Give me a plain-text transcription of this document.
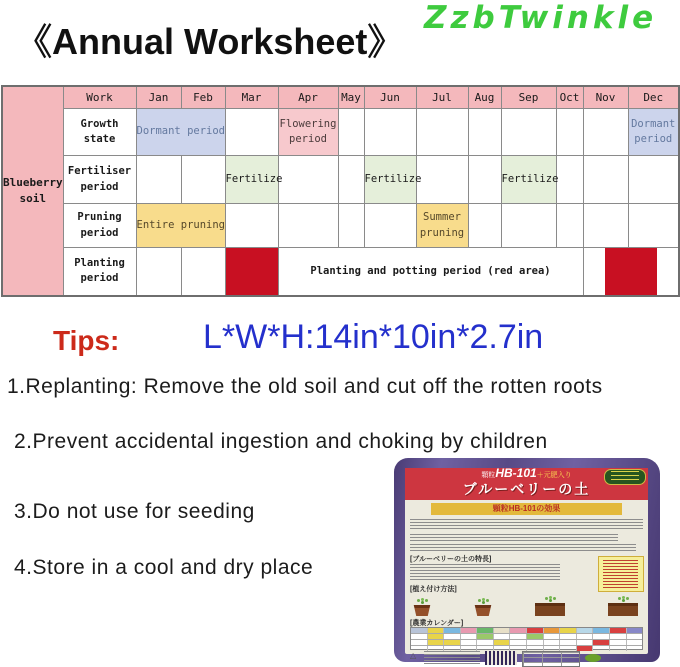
《Annual Worksheet》
ZzbTwinkle
Blueberry soil	Work	Jan	Feb	Mar	Apr	May	Jun	Jul	Aug	Sep	Oct	Nov	Dec
	Growth state	Dormant period			Flowering period								Dormant period
	Fertiliser period			Fertilize			Fertilize			Fertilize			
	Pruning period	Entire pruning						Summer pruning					
	Planting period				Planting and potting period (red area)								
Tips: L*W*H:14in*10in*2.7in
1.Replanting: Remove the old soil and cut off the rotten roots
2.Prevent accidental ingestion and choking by children
3.Do not use for seeding
4.Store in a cool and dry place
顆粒HB-101＋元肥入り
ブルーベリーの土
顆粒HB-101の効果
[ブルーベリーの土の特長]
[植え付け方法]
[農業カレンダー]
△
